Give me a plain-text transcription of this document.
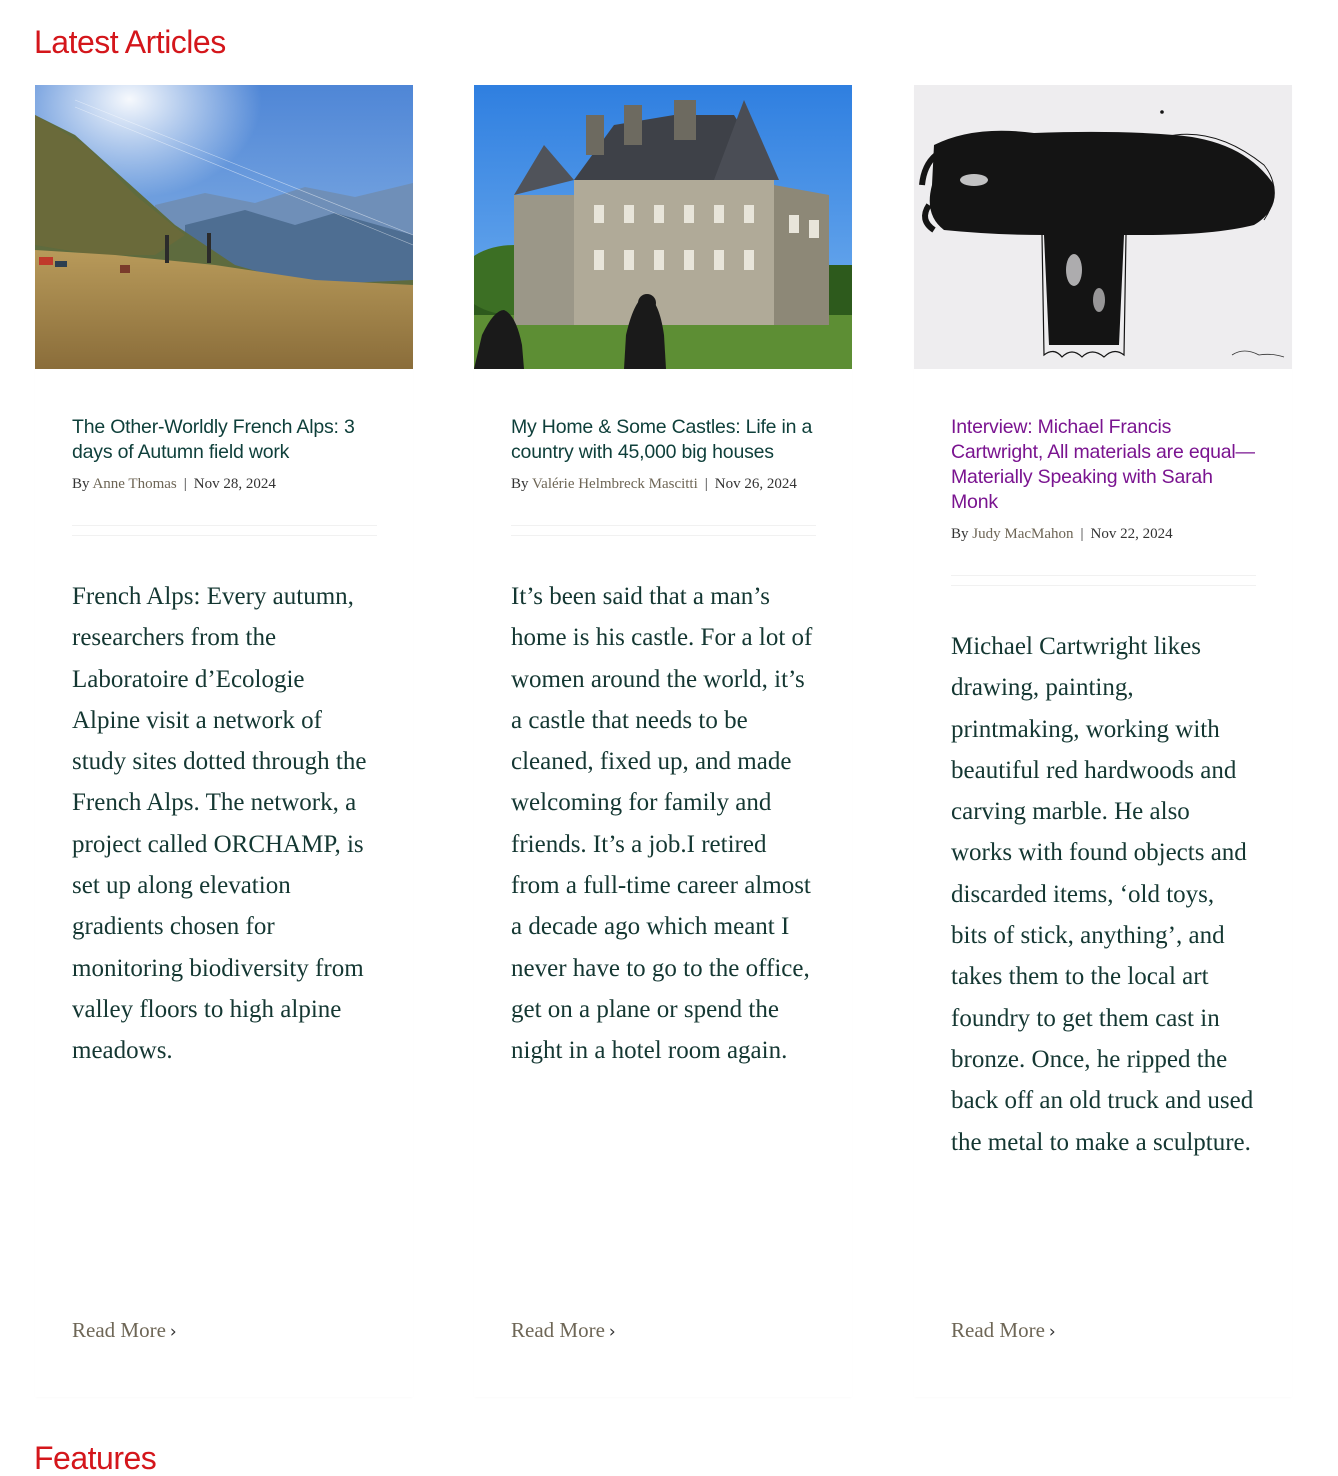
Latest Articles
The Other-Worldly French Alps: 3 days of Autumn field work
By Anne Thomas | Nov 28, 2024

French Alps: Every autumn, researchers from the Laboratoire d’Ecologie Alpine visit a network of study sites dotted through the French Alps. The network, a project called ORCHAMP, is set up along elevation gradients chosen for monitoring biodiversity from valley floors to high alpine meadows.

Read More ›
My Home & Some Castles: Life in a country with 45,000 big houses
By Valérie Helmbreck Mascitti | Nov 26, 2024

It’s been said that a man’s home is his castle. For a lot of women around the world, it’s a castle that needs to be cleaned, fixed up, and made welcoming for family and friends. It’s a job.I retired from a full-time career almost a decade ago which meant I never have to go to the office, get on a plane or spend the night in a hotel room again.

Read More ›
Interview: Michael Francis Cartwright, All materials are equal—Materially Speaking with Sarah Monk
By Judy MacMahon | Nov 22, 2024

Michael Cartwright likes drawing, painting, printmaking, working with beautiful red hardwoods and carving marble. He also works with found objects and discarded items, ‘old toys, bits of stick, anything’, and takes them to the local art foundry to get them cast in bronze. Once, he ripped the back off an old truck and used the metal to make a sculpture.

Read More ›
Features
